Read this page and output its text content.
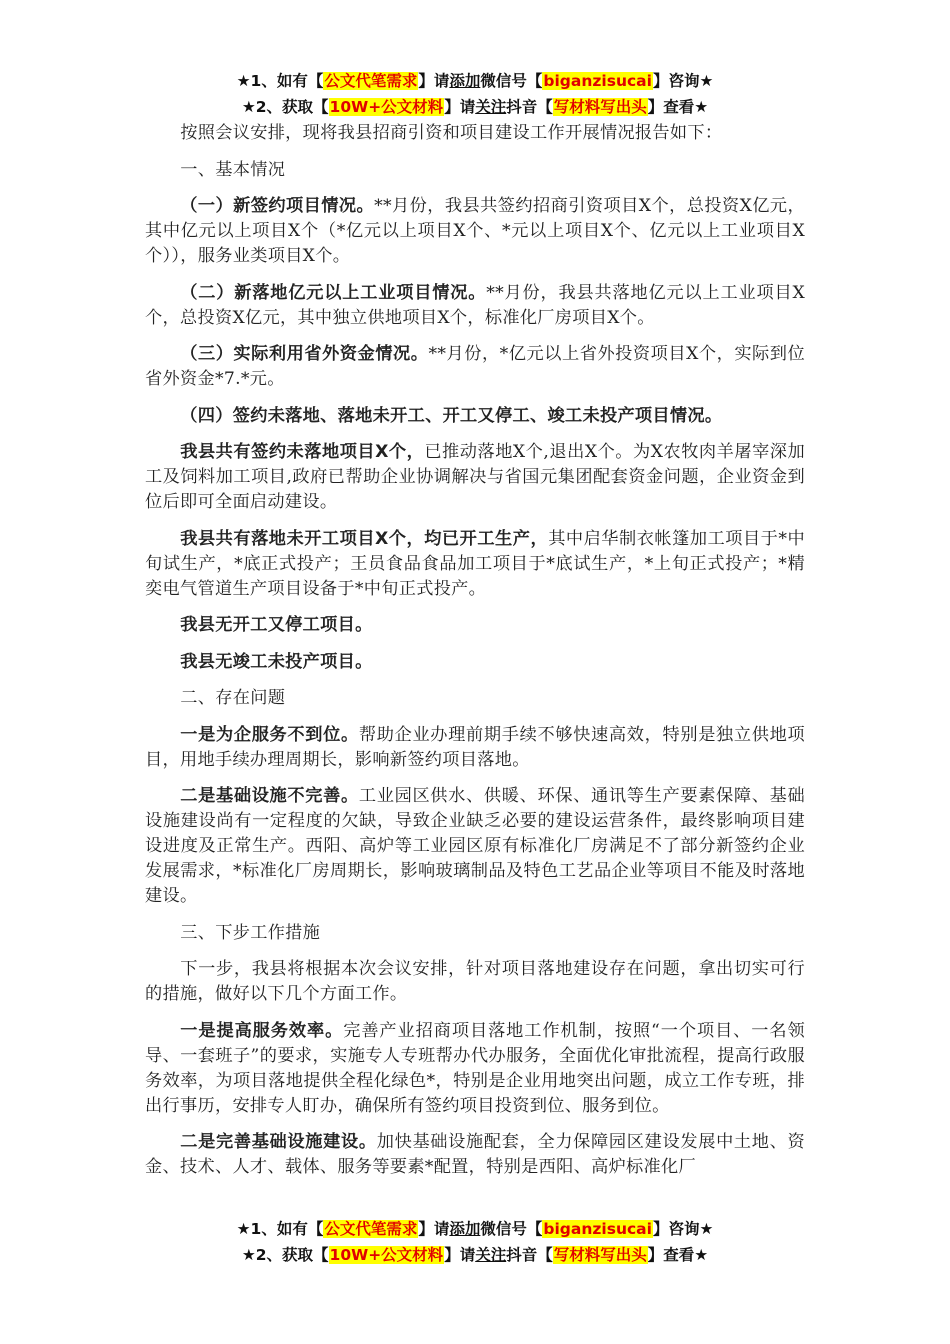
★1、如有【公文代笔需求】请添加微信号【biganzisucai】咨询★
★2、获取【10W+公文材料】请关注抖音【写材料写出头】查看★

按照会议安排，现将我县招商引资和项目建设工作开展情况报告如下：

一、基本情况

（一）新签约项目情况。**月份，我县共签约招商引资项目X个，总投资X亿元，其中亿元以上项目X个（*亿元以上项目X个、*元以上项目X个、亿元以上工业项目X个）），服务业类项目X个。

（二）新落地亿元以上工业项目情况。**月份，我县共落地亿元以上工业项目X个，总投资X亿元，其中独立供地项目X个，标准化厂房项目X个。

（三）实际利用省外资金情况。**月份，*亿元以上省外投资项目X个，实际到位省外资金*7.*元。

（四）签约未落地、落地未开工、开工又停工、竣工未投产项目情况。

我县共有签约未落地项目X个，已推动落地X个,退出X个。为X农牧肉羊屠宰深加工及饲料加工项目,政府已帮助企业协调解决与省国元集团配套资金问题，企业资金到位后即可全面启动建设。

我县共有落地未开工项目X个，均已开工生产，其中启华制衣帐篷加工项目于*中旬试生产，*底正式投产；王员食品食品加工项目于*底试生产，*上旬正式投产；*精奕电气管道生产项目设备于*中旬正式投产。

我县无开工又停工项目。

我县无竣工未投产项目。

二、存在问题

一是为企服务不到位。帮助企业办理前期手续不够快速高效，特别是独立供地项目，用地手续办理周期长，影响新签约项目落地。

二是基础设施不完善。工业园区供水、供暖、环保、通讯等生产要素保障、基础设施建设尚有一定程度的欠缺，导致企业缺乏必要的建设运营条件，最终影响项目建设进度及正常生产。西阳、高炉等工业园区原有标准化厂房满足不了部分新签约企业发展需求，*标准化厂房周期长，影响玻璃制品及特色工艺品企业等项目不能及时落地建设。

三、下步工作措施

下一步，我县将根据本次会议安排，针对项目落地建设存在问题，拿出切实可行的措施，做好以下几个方面工作。

一是提高服务效率。完善产业招商项目落地工作机制，按照“一个项目、一名领导、一套班子”的要求，实施专人专班帮办代办服务，全面优化审批流程，提高行政服务效率，为项目落地提供全程化绿色*，特别是企业用地突出问题，成立工作专班，排出行事历，安排专人盯办，确保所有签约项目投资到位、服务到位。

二是完善基础设施建设。加快基础设施配套，全力保障园区建设发展中土地、资金、技术、人才、载体、服务等要素*配置，特别是西阳、高炉标准化厂

★1、如有【公文代笔需求】请添加微信号【biganzisucai】咨询★
★2、获取【10W+公文材料】请关注抖音【写材料写出头】查看★
